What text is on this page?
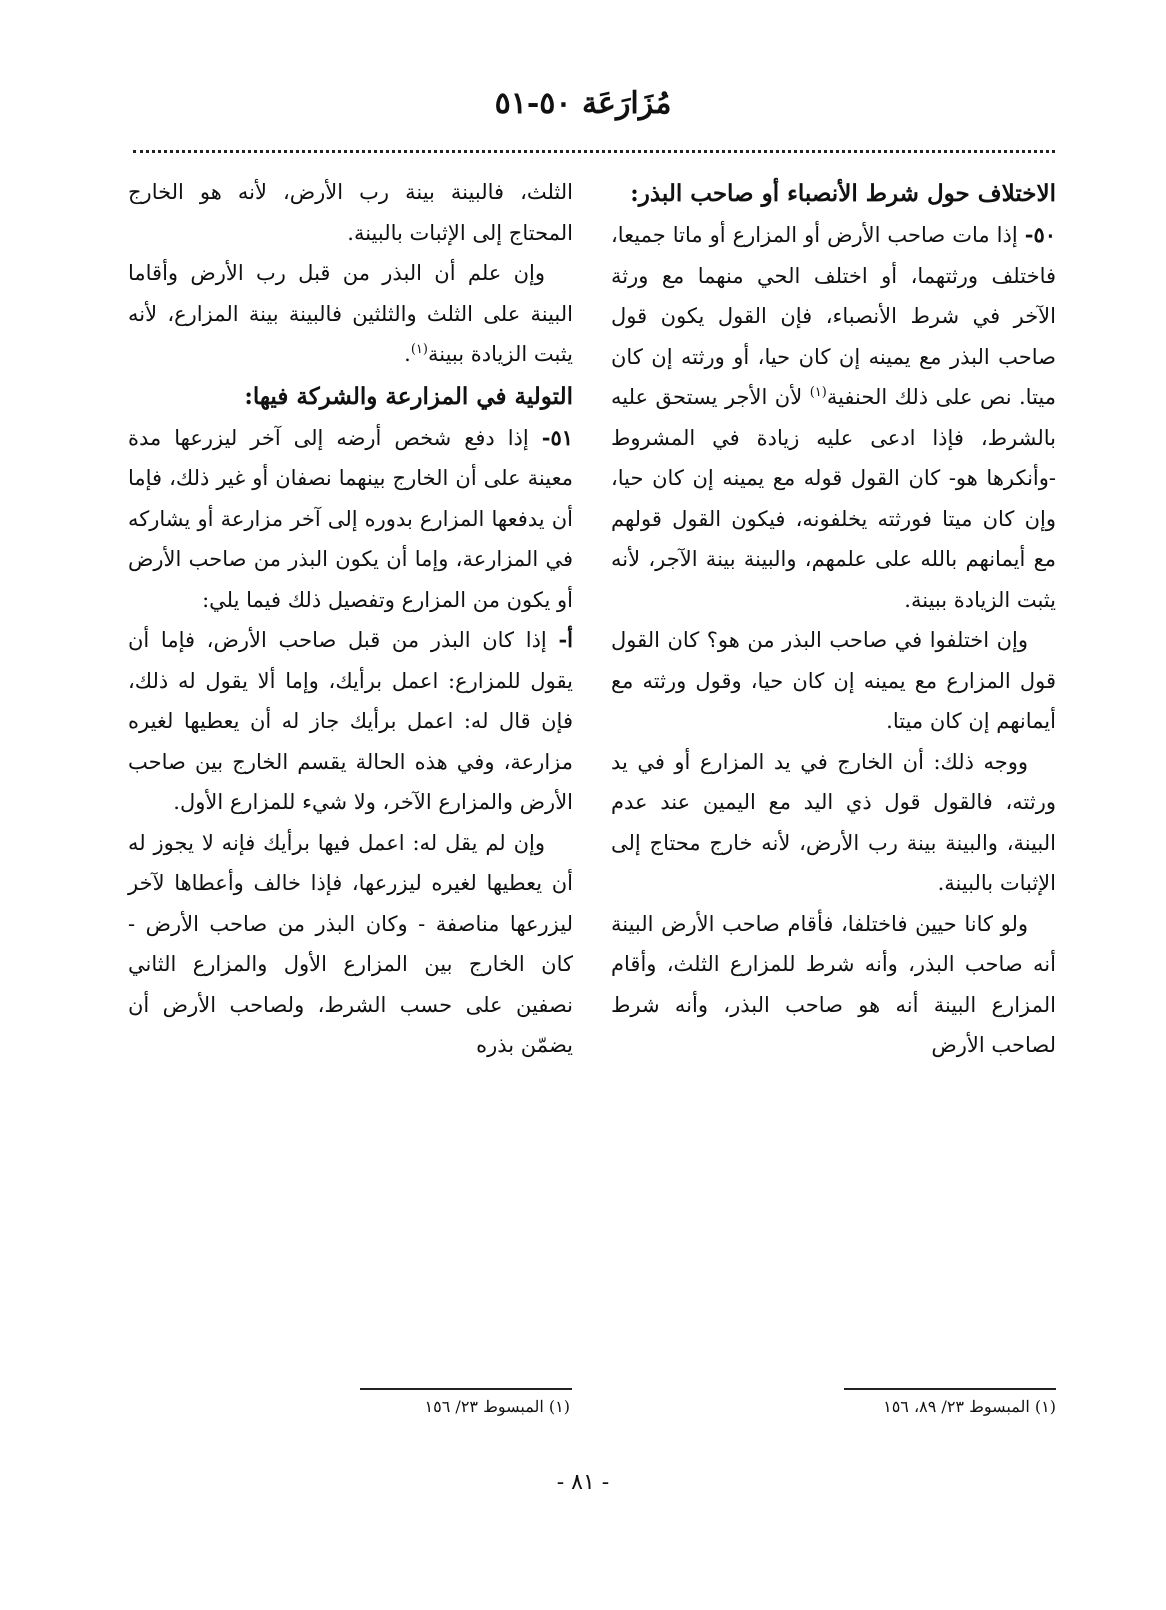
مُزَارَعَة ٥٠-٥١

الاختلاف حول شرط الأنصباء أو صاحب البذر:

٥٠- إذا مات صاحب الأرض أو المزارع أو ماتا جميعا، فاختلف ورثتهما، أو اختلف الحي منهما مع ورثة الآخر في شرط الأنصباء، فإن القول يكون قول صاحب البذر مع يمينه إن كان حيا، أو ورثته إن كان ميتا. نص على ذلك الحنفية$^{(١)}$ لأن الأجر يستحق عليه بالشرط، فإذا ادعى عليه زيادة في المشروط -وأنكرها هو- كان القول قوله مع يمينه إن كان حيا، وإن كان ميتا فورثته يخلفونه، فيكون القول قولهم مع أيمانهم بالله على علمهم، والبينة بينة الآجر، لأنه يثبت الزيادة ببينة.

وإن اختلفوا في صاحب البذر من هو؟ كان القول قول المزارع مع يمينه إن كان حيا، وقول ورثته مع أيمانهم إن كان ميتا.

ووجه ذلك: أن الخارج في يد المزارع أو في يد ورثته، فالقول قول ذي اليد مع اليمين عند عدم البينة، والبينة بينة رب الأرض، لأنه خارج محتاج إلى الإثبات بالبينة.

ولو كانا حيين فاختلفا، فأقام صاحب الأرض البينة أنه صاحب البذر، وأنه شرط للمزارع الثلث، وأقام المزارع البينة أنه هو صاحب البذر، وأنه شرط لصاحب الأرض

الثلث، فالبينة بينة رب الأرض، لأنه هو الخارج المحتاج إلى الإثبات بالبينة.

وإن علم أن البذر من قبل رب الأرض وأقاما البينة على الثلث والثلثين فالبينة بينة المزارع، لأنه يثبت الزيادة ببينة$^{(١)}$.

التولية في المزارعة والشركة فيها:

٥١- إذا دفع شخص أرضه إلى آخر ليزرعها مدة معينة على أن الخارج بينهما نصفان أو غير ذلك، فإما أن يدفعها المزارع بدوره إلى آخر مزارعة أو يشاركه في المزارعة، وإما أن يكون البذر من صاحب الأرض أو يكون من المزارع وتفصيل ذلك فيما يلي:

أ- إذا كان البذر من قبل صاحب الأرض، فإما أن يقول للمزارع: اعمل برأيك، وإما ألا يقول له ذلك، فإن قال له: اعمل برأيك جاز له أن يعطيها لغيره مزارعة، وفي هذه الحالة يقسم الخارج بين صاحب الأرض والمزارع الآخر، ولا شيء للمزارع الأول.

وإن لم يقل له: اعمل فيها برأيك فإنه لا يجوز له أن يعطيها لغيره ليزرعها، فإذا خالف وأعطاها لآخر ليزرعها مناصفة - وكان البذر من صاحب الأرض - كان الخارج بين المزارع الأول والمزارع الثاني نصفين على حسب الشرط، ولصاحب الأرض أن يضمّن بذره

(١) المبسوط ٢٣/ ٨٩، ١٥٦
(١) المبسوط ٢٣/ ١٥٦
- ٨١ -
